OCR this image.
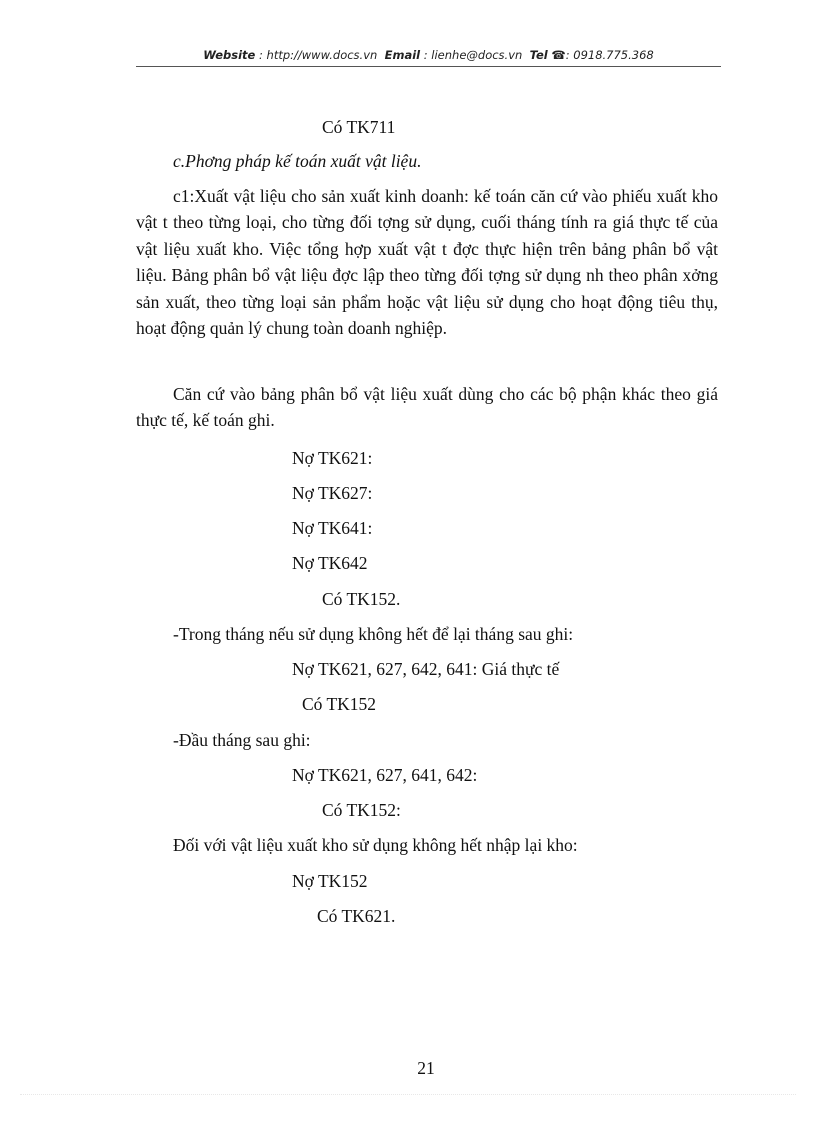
Website : http://www.docs.vn Email : lienhe@docs.vn Tel ☎: 0918.775.368
Có TK711
c.Phơng pháp kế toán xuất vật liệu.
c1:Xuất vật liệu cho sản xuất kinh doanh: kế toán căn cứ vào phiếu xuất kho vật t theo từng loại, cho từng đối tợng sử dụng, cuối tháng tính ra giá thực tế của vật liệu xuất kho. Việc tổng hợp xuất vật t đợc thực hiện trên bảng phân bổ vật liệu. Bảng phân bổ vật liệu đợc lập theo từng đối tợng sử dụng nh theo phân xởng sản xuất, theo từng loại sản phẩm hoặc vật liệu sử dụng cho hoạt động tiêu thụ, hoạt động quản lý chung toàn doanh nghiệp.
Căn cứ vào bảng phân bổ vật liệu xuất dùng cho các bộ phận khác theo giá thực tế, kế toán ghi.
Nợ TK621:
Nợ TK627:
Nợ TK641:
Nợ TK642
Có TK152.
-Trong tháng nếu sử dụng không hết để lại tháng sau ghi:
Nợ TK621, 627, 642, 641: Giá thực tế
Có TK152
-Đầu tháng sau ghi:
Nợ TK621, 627, 641, 642:
Có TK152:
Đối với vật liệu xuất kho sử dụng không hết nhập lại kho:
Nợ TK152
Có TK621.
21
